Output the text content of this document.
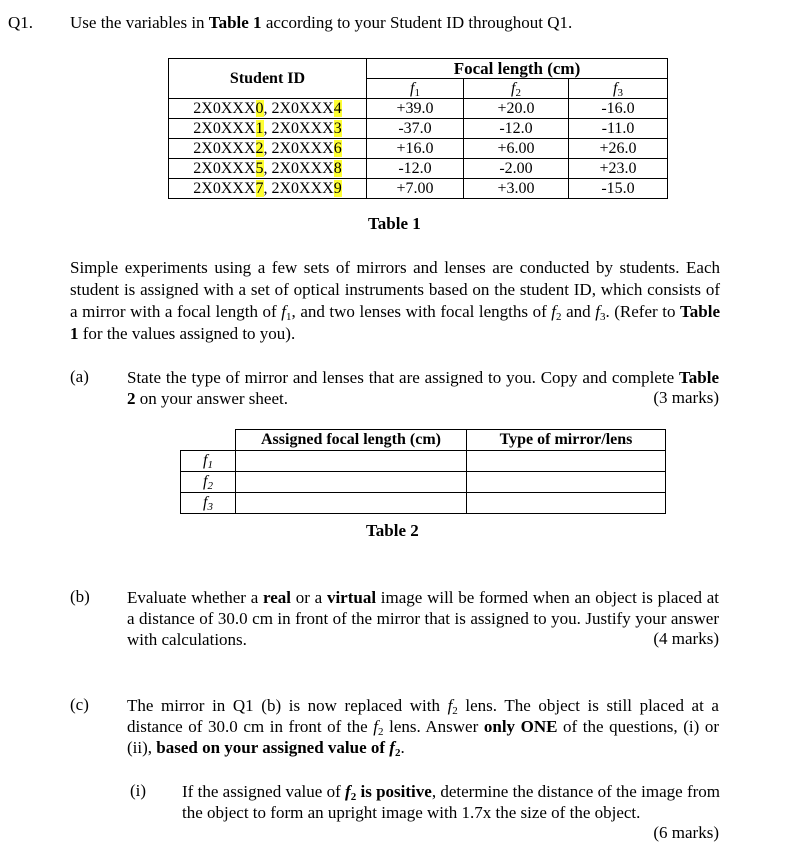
Q1. Use the variables in Table 1 according to your Student ID throughout Q1.
Student ID	Focal length (cm)		
	$f_1$	$f_2$	$f_3$
2X0XXX0, 2X0XXX4	+39.0	+20.0	-16.0
2X0XXX1, 2X0XXX3	-37.0	-12.0	-11.0
2X0XXX2, 2X0XXX6	+16.0	+6.00	+26.0
2X0XXX5, 2X0XXX8	-12.0	-2.00	+23.0
2X0XXX7, 2X0XXX9	+7.00	+3.00	-15.0
Table 1
Simple experiments using a few sets of mirrors and lenses are conducted by students. Each student is assigned with a set of optical instruments based on the student ID, which consists of a mirror with a focal length of $f_1$, and two lenses with focal lengths of $f_2$ and $f_3$. (Refer to Table 1 for the values assigned to you).
(a) State the type of mirror and lenses that are assigned to you. Copy and complete Table 2 on your answer sheet.	(3 marks)
	Assigned focal length (cm)	Type of mirror/lens
$f_1$		
$f_2$		
$f_3$		
Table 2
(b) Evaluate whether a real or a virtual image will be formed when an object is placed at a distance of 30.0 cm in front of the mirror that is assigned to you. Justify your answer with calculations.	(4 marks)
(c) The mirror in Q1 (b) is now replaced with $f_2$ lens. The object is still placed at a distance of 30.0 cm in front of the $f_2$ lens. Answer only ONE of the questions, (i) or (ii), based on your assigned value of $f_2$.
(i) If the assigned value of $f_2$ is positive, determine the distance of the image from the object to form an upright image with 1.7x the size of the object.
(6 marks)
